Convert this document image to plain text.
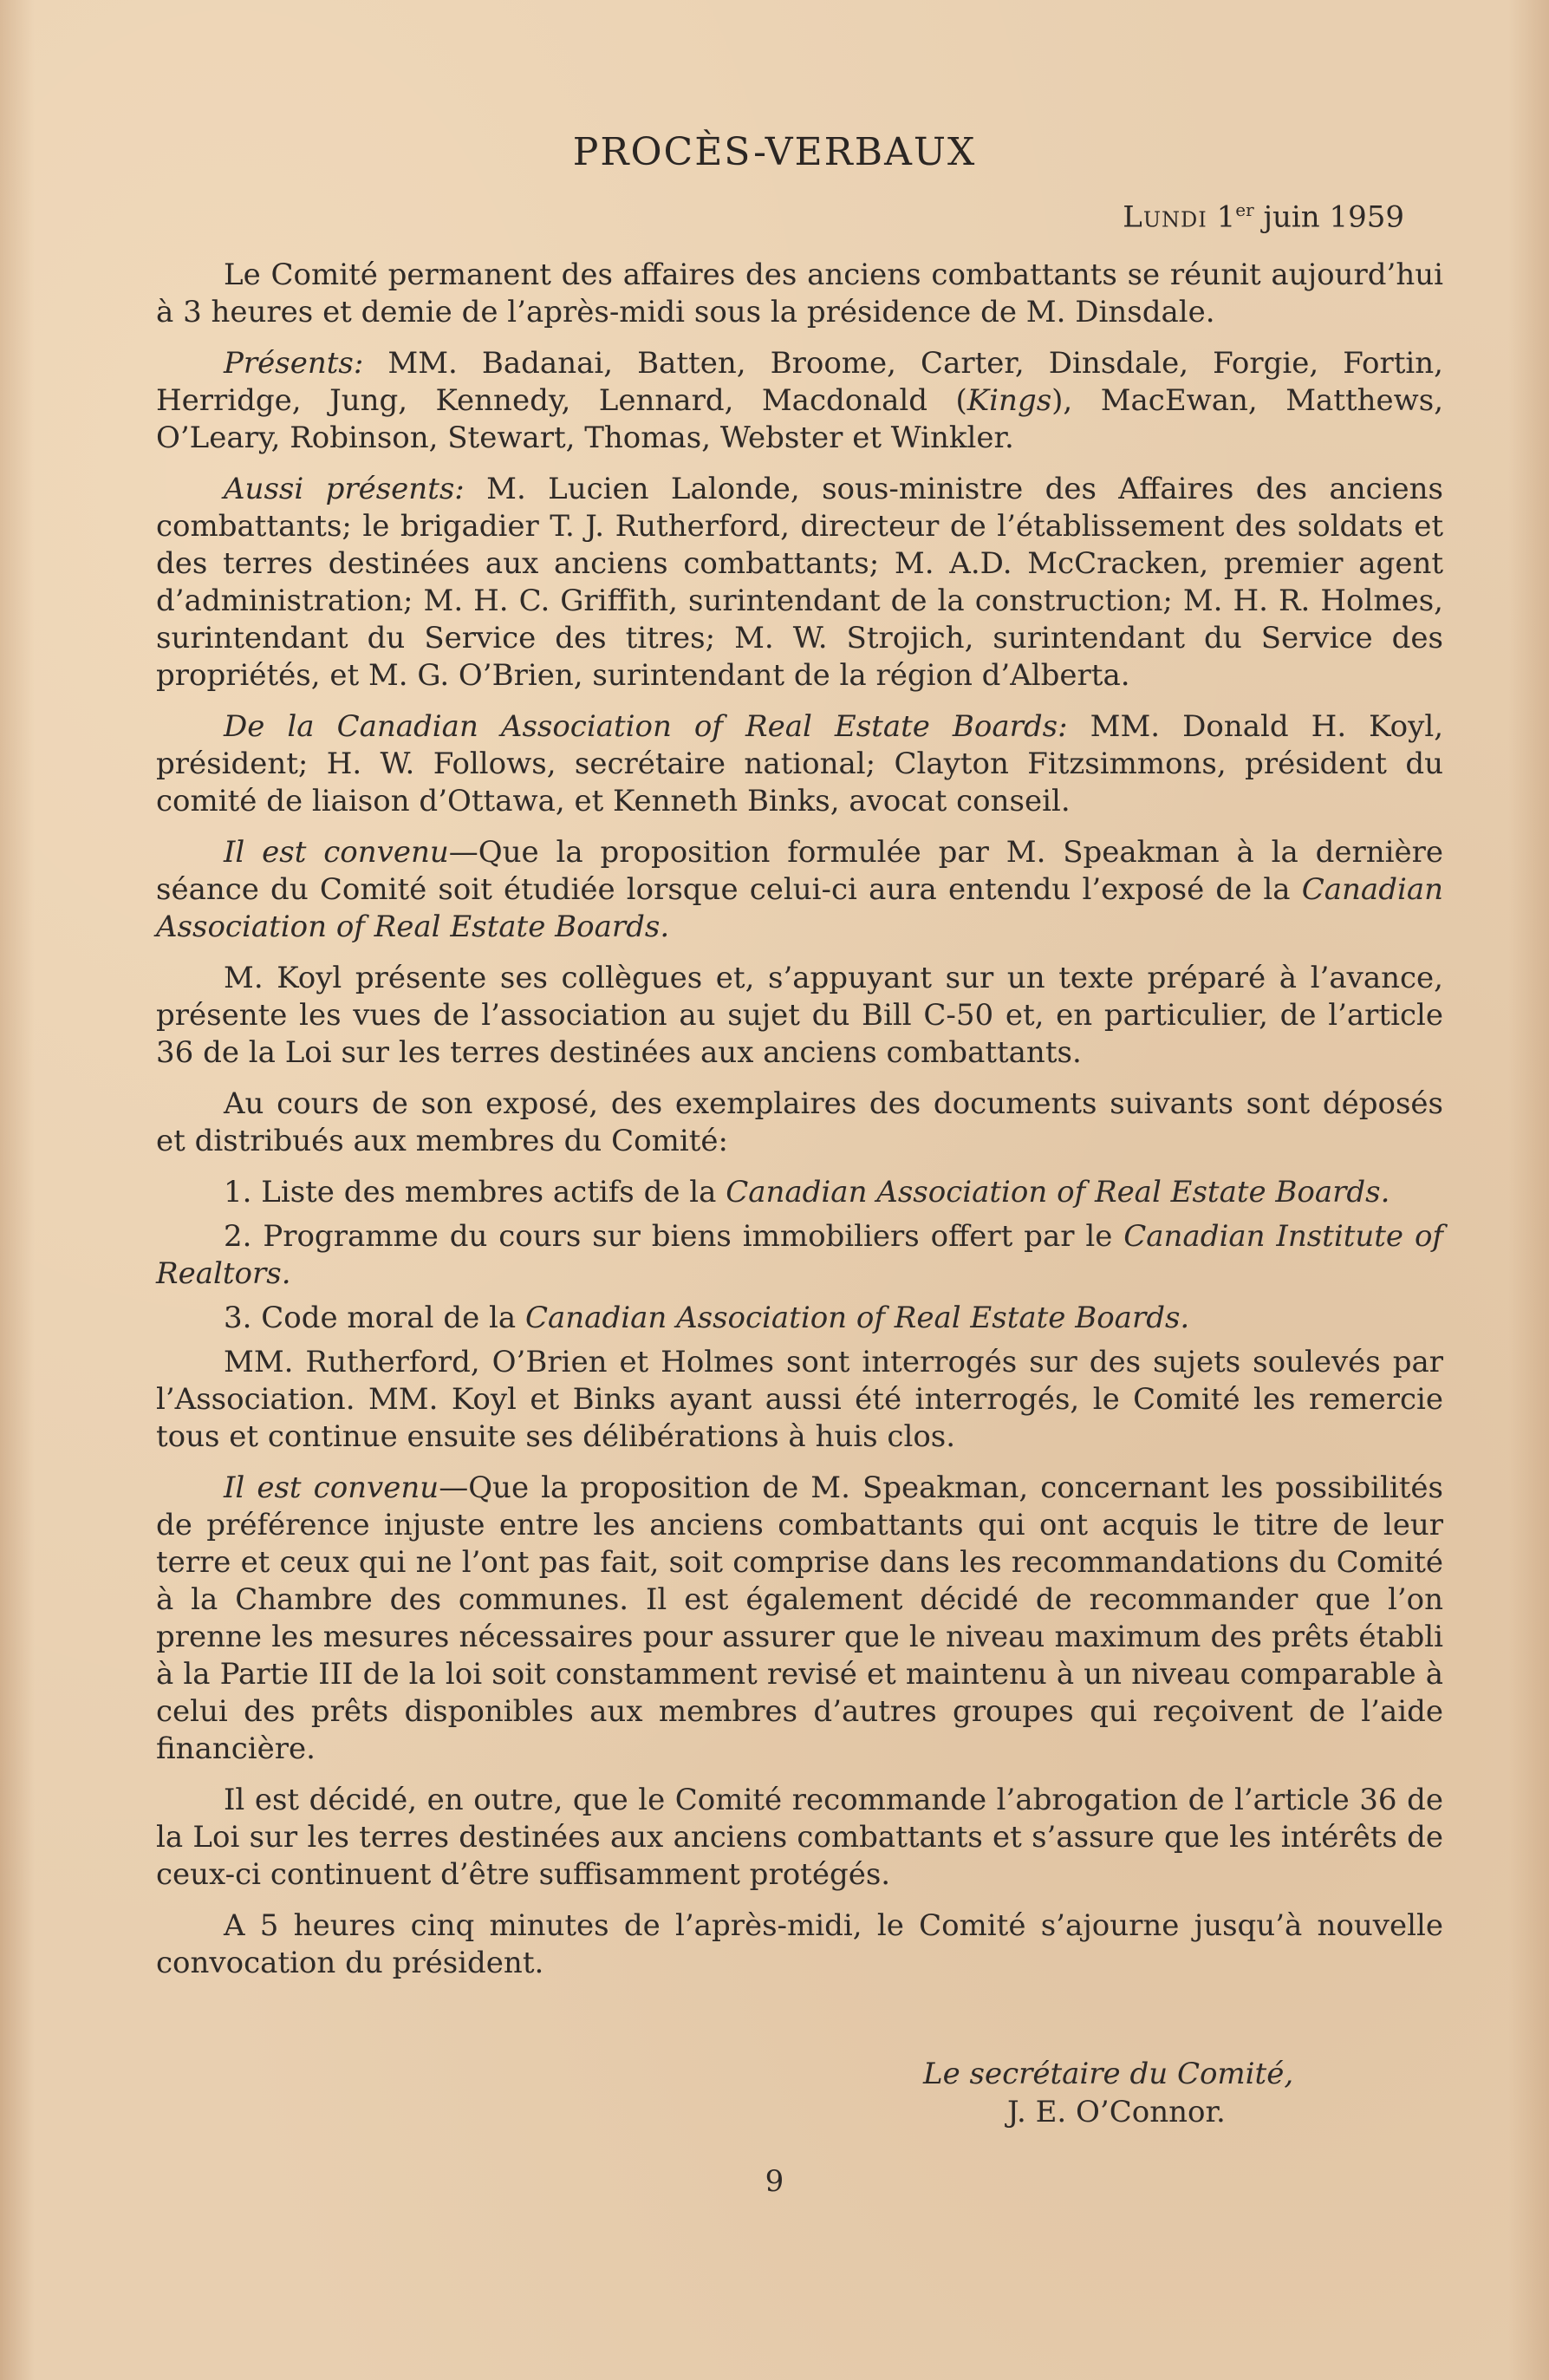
PROCÈS-VERBAUX
Lundi 1er juin 1959

Le Comité permanent des affaires des anciens combattants se réunit aujourd’hui à 3 heures et demie de l’après-midi sous la présidence de M. Dinsdale.

Présents: MM. Badanai, Batten, Broome, Carter, Dinsdale, Forgie, Fortin, Herridge, Jung, Kennedy, Lennard, Macdonald (Kings), MacEwan, Matthews, O’Leary, Robinson, Stewart, Thomas, Webster et Winkler.

Aussi présents: M. Lucien Lalonde, sous-ministre des Affaires des anciens combattants; le brigadier T. J. Rutherford, directeur de l’établissement des soldats et des terres destinées aux anciens combattants; M. A.D. McCracken, premier agent d’administration; M. H. C. Griffith, surintendant de la construction; M. H. R. Holmes, surintendant du Service des titres; M. W. Strojich, surintendant du Service des propriétés, et M. G. O’Brien, surintendant de la région d’Alberta.

De la Canadian Association of Real Estate Boards: MM. Donald H. Koyl, président; H. W. Follows, secrétaire national; Clayton Fitzsimmons, président du comité de liaison d’Ottawa, et Kenneth Binks, avocat conseil.

Il est convenu—Que la proposition formulée par M. Speakman à la dernière séance du Comité soit étudiée lorsque celui-ci aura entendu l’exposé de la Canadian Association of Real Estate Boards.

M. Koyl présente ses collègues et, s’appuyant sur un texte préparé à l’avance, présente les vues de l’association au sujet du Bill C-50 et, en particulier, de l’article 36 de la Loi sur les terres destinées aux anciens combattants.

Au cours de son exposé, des exemplaires des documents suivants sont déposés et distribués aux membres du Comité:

1. Liste des membres actifs de la Canadian Association of Real Estate Boards.

2. Programme du cours sur biens immobiliers offert par le Canadian Institute of Realtors.

3. Code moral de la Canadian Association of Real Estate Boards.

MM. Rutherford, O’Brien et Holmes sont interrogés sur des sujets soulevés par l’Association. MM. Koyl et Binks ayant aussi été interrogés, le Comité les remercie tous et continue ensuite ses délibérations à huis clos.

Il est convenu—Que la proposition de M. Speakman, concernant les possibilités de préférence injuste entre les anciens combattants qui ont acquis le titre de leur terre et ceux qui ne l’ont pas fait, soit comprise dans les recommandations du Comité à la Chambre des communes. Il est également décidé de recommander que l’on prenne les mesures nécessaires pour assurer que le niveau maximum des prêts établi à la Partie III de la loi soit constamment revisé et maintenu à un niveau comparable à celui des prêts disponibles aux membres d’autres groupes qui reçoivent de l’aide financière.

Il est décidé, en outre, que le Comité recommande l’abrogation de l’article 36 de la Loi sur les terres destinées aux anciens combattants et s’assure que les intérêts de ceux-ci continuent d’être suffisamment protégés.

A 5 heures cinq minutes de l’après-midi, le Comité s’ajourne jusqu’à nouvelle convocation du président.

Le secrétaire du Comité,
J. E. O’Connor.
9
